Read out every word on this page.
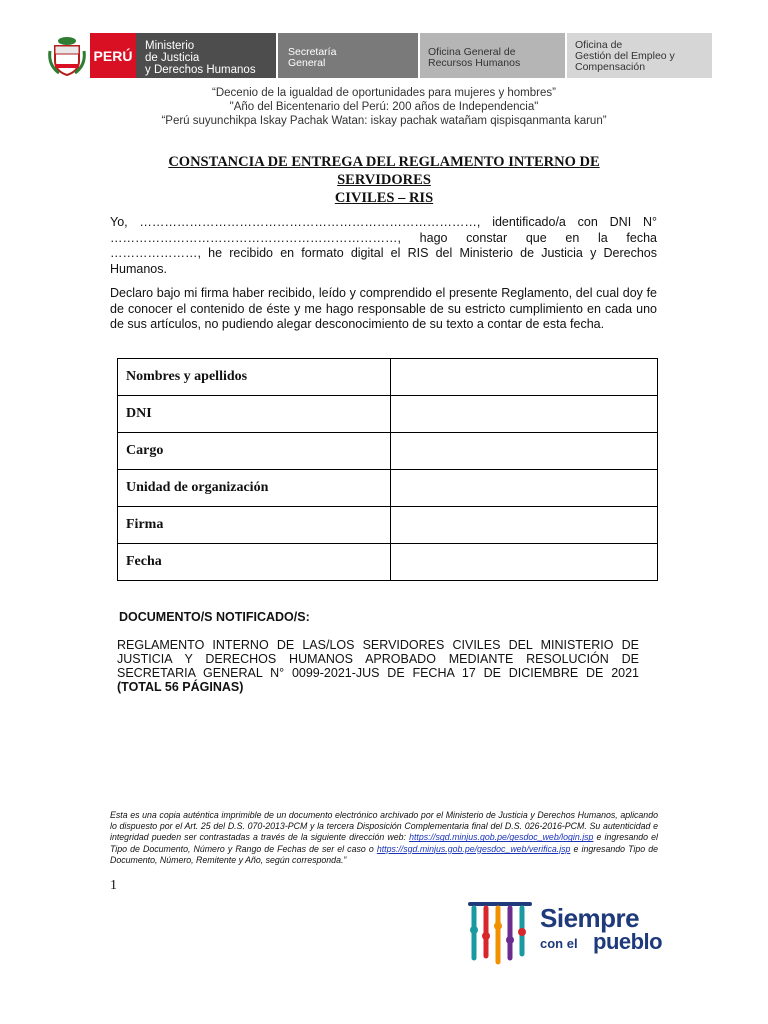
PERÚ
Ministerio
de Justicia
y Derechos Humanos
Secretaría
General
Oficina General de
Recursos Humanos
Oficina de
Gestión del Empleo y
Compensación
“Decenio de la igualdad de oportunidades para mujeres y hombres”
"Año del Bicentenario del Perú: 200 años de Independencia"
“Perú suyunchikpa Iskay Pachak Watan: iskay pachak watañam qispisqanmanta karun”
CONSTANCIA DE ENTREGA DEL REGLAMENTO INTERNO DE SERVIDORES
CIVILES – RIS
Yo, ………………………………………………………………………, identificado/a con DNI N° ……………………………………………………………, hago constar que en la fecha …………………, he recibido en formato digital el RIS del Ministerio de Justicia y Derechos Humanos.
Declaro bajo mi firma haber recibido, leído y comprendido el presente Reglamento, del cual doy fe de conocer el contenido de éste y me hago responsable de su estricto cumplimiento en cada uno de sus artículos, no pudiendo alegar desconocimiento de su texto a contar de esta fecha.
Nombres y apellidos	
DNI	
Cargo	
Unidad de organización	
Firma	
Fecha	
DOCUMENTO/S NOTIFICADO/S:
REGLAMENTO INTERNO DE LAS/LOS SERVIDORES CIVILES DEL MINISTERIO DE JUSTICIA Y DERECHOS HUMANOS APROBADO MEDIANTE RESOLUCIÓN DE SECRETARIA GENERAL N° 0099-2021-JUS DE FECHA 17 DE DICIEMBRE DE 2021 (TOTAL 56 PÁGINAS)
Esta es una copia auténtica imprimible de un documento electrónico archivado por el Ministerio de Justicia y Derechos Humanos, aplicando lo dispuesto por el Art. 25 del D.S. 070-2013-PCM y la tercera Disposición Complementaria final del D.S. 026-2016-PCM. Su autenticidad e integridad pueden ser contrastadas a través de la siguiente dirección web: https://sgd.minjus.gob.pe/gesdoc_web/login.jsp e ingresando el Tipo de Documento, Número y Rango de Fechas de ser el caso o https://sgd.minjus.gob.pe/gesdoc_web/verifica.jsp e ingresando Tipo de Documento, Número, Remitente y Año, según corresponda.”
1
Siempre
con el pueblo
